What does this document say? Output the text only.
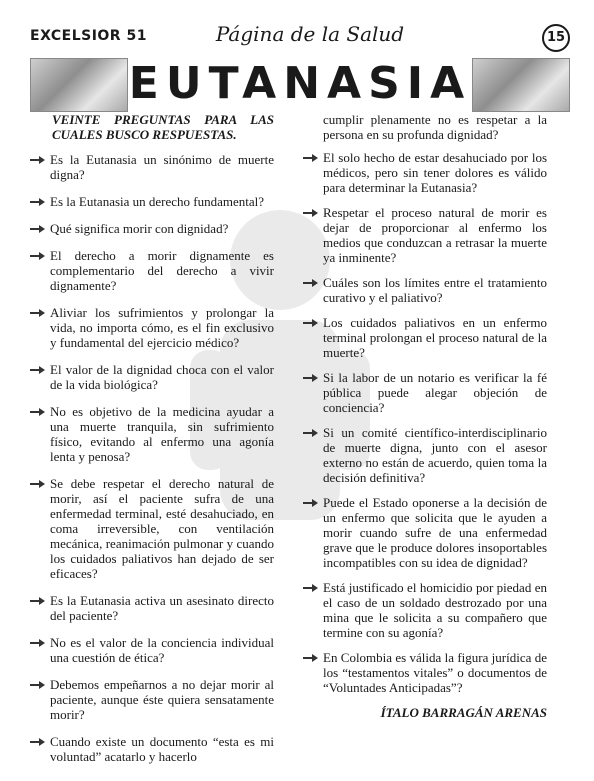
EXCELSIOR 51	Página de la Salud	15
EUTANASIA
VEINTE PREGUNTAS PARA LAS CUALES BUSCO RESPUESTAS.
Es la Eutanasia un sinónimo de muerte digna?
Es la Eutanasia un derecho fundamental?
Qué significa morir con dignidad?
El derecho a morir dignamente es complementario del derecho a vivir dignamente?
Aliviar los sufrimientos y prolongar la vida, no importa cómo, es el fin exclusivo y fundamental del ejercicio médico?
El valor de la dignidad choca con el valor de la vida biológica?
No es objetivo de la medicina ayudar a una muerte tranquila, sin sufrimiento físico, evitando al enfermo una agonía lenta y penosa?
Se debe respetar el derecho natural de morir, así el paciente sufra de una enfermedad terminal, esté desahuciado, en coma irreversible, con ventilación mecánica, reanimación pulmonar y cuando los cuidados paliativos han dejado de ser eficaces?
Es la Eutanasia activa un asesinato directo del paciente?
No es el valor de la conciencia individual una cuestión de ética?
Debemos empeñarnos a no dejar morir al paciente, aunque éste quiera sensatamente morir?
Cuando existe un documento “esta es mi voluntad” acatarlo y hacerlo
cumplir plenamente no es respetar a la persona en su profunda dignidad?
El solo hecho de estar desahuciado por los médicos, pero sin tener dolores es válido para determinar la Eutanasia?
Respetar el proceso natural de morir es dejar de proporcionar al enfermo los medios que conduzcan a retrasar la muerte ya inminente?
Cuáles son los límites entre el tratamiento curativo y el paliativo?
Los cuidados paliativos en un enfermo terminal prolongan el proceso natural de la muerte?
Si la labor de un notario es verificar la fé pública puede alegar objeción de conciencia?
Si un comité científico-interdisciplinario de muerte digna, junto con el asesor externo no están de acuerdo, quien toma la decisión definitiva?
Puede el Estado oponerse a la decisión de un enfermo que solicita que le ayuden a morir cuando sufre de una enfermedad grave que le produce dolores insoportables incompatibles con su idea de dignidad?
Está justificado el homicidio por piedad en el caso de un soldado destrozado por una mina que le solicita a su compañero que termine con su agonía?
En Colombia es válida la figura jurídica de los “testamentos vitales” o documentos de “Voluntades Anticipadas”?
ÍTALO BARRAGÁN ARENAS
